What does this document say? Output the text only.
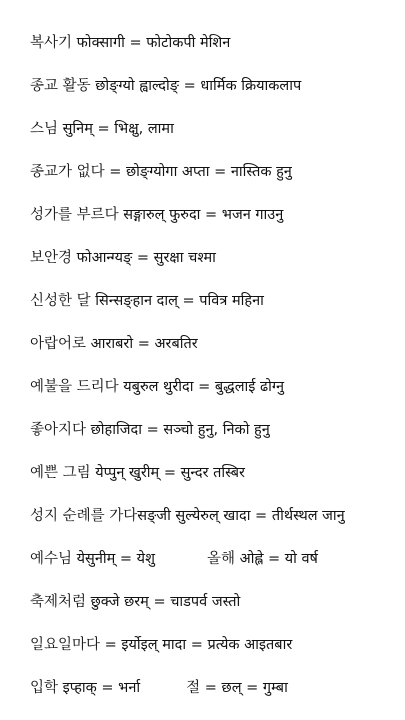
복사기 फोक्सागी = फोटोकपी मेशिन
종교 활동 छोङ्ग्यो ह्वाल्दोङ् = धार्मिक क्रियाकलाप
스님 सुनिम् = भिक्षु, लामा
종교가 없다 = छोङ्ग्योगा अप्ता = नास्तिक हुनु
성가를 부르다 सङ्गारुल् फुरुदा = भजन गाउनु
보안경 फोआन्ग्यङ् = सुरक्षा चश्मा
신성한 달 सिन्सङ्हान दाल् = पवित्र महिना
아랍어로 आराबरो = अरबतिर
예불을 드리다 यबुरुल थुरीदा = बुद्धलाई ढोग्नु
좋아지다 छोहाजिदा = सञ्चो हुनु, निको हुनु
예쁜 그림 येप्पुन् खुरीम् = सुन्दर तस्बिर
성지 순례를 가다सङ्जी सुल्येरुल् खादा = तीर्थस्थल जानु
예수님 येसुनीम् = येशु	올해 ओह्ले = यो वर्ष
축제처럼 छुक्जे छरम् = चाडपर्व जस्तो
일요일마다 = इर्योइल् मादा = प्रत्येक आइतबार
입학 इप्हाक् = भर्ना	절 = छल् = गुम्बा
